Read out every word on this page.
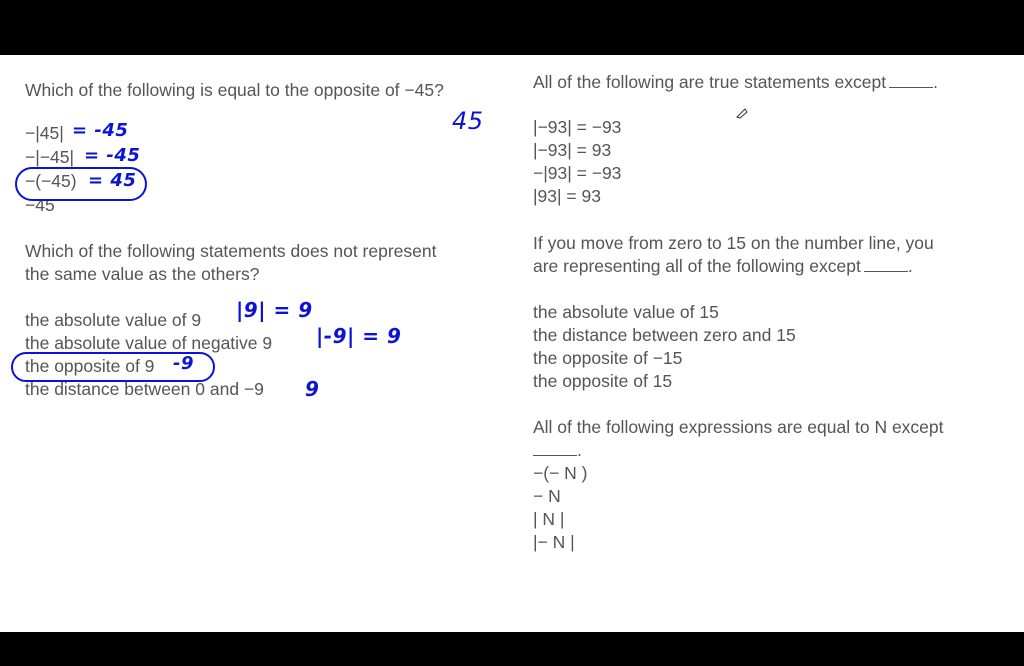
Which of the following is equal to the opposite of −45?
−|45|
−|−45|
−(−45)
−45
Which of the following statements does not represent
the same value as the others?
the absolute value of 9
the absolute value of negative 9
the opposite of 9
the distance between 0 and −9
All of the following are true statements except	.
|−93| = −93
|−93| = 93
−|93| = −93
|93| = 93
If you move from zero to 15 on the number line, you
are representing all of the following except	.
the absolute value of 15
the distance between zero and 15
the opposite of −15
the opposite of 15
All of the following expressions are equal to N except
.
−(− N )
− N
| N |
|− N |
45
= -45
= -45
= 45
|9| = 9
|-9| = 9
-9
9
